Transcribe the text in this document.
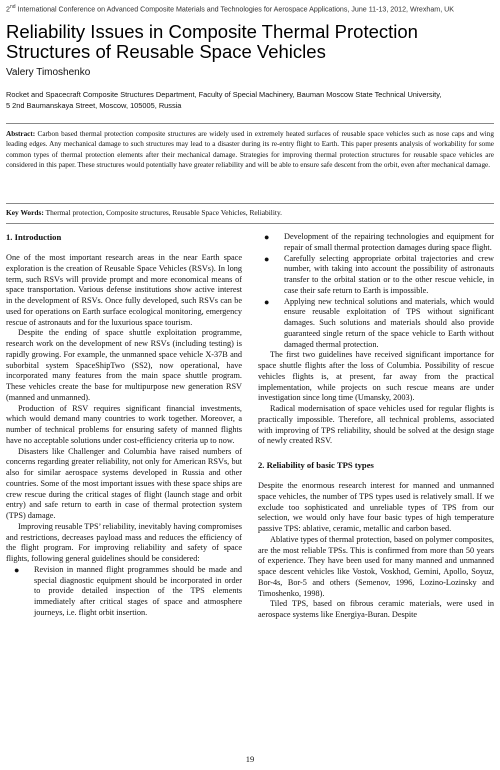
2nd International Conference on Advanced Composite Materials and Technologies for Aerospace Applications, June 11-13, 2012, Wrexham, UK
Reliability Issues in Composite Thermal Protection
Structures of Reusable Space Vehicles
Valery Timoshenko
Rocket and Spacecraft Composite Structures Department, Faculty of Special Machinery, Bauman Moscow State Technical University,
5 2nd Baumanskaya Street, Moscow, 105005, Russia
Abstract: Carbon based thermal protection composite structures are widely used in extremely heated surfaces of reusable space vehicles such as nose caps and wing leading edges. Any mechanical damage to such structures may lead to a disaster during its re-entry flight to Earth. This paper presents analysis of workability for some common types of thermal protection elements after their mechanical damage. Strategies for improving thermal protection structures for reusable space vehicles are considered in this paper. These structures would potentially have greater reliability and will be able to ensure safe descent from the orbit, even after mechanical damage.
Key Words: Thermal protection, Composite structures, Reusable Space Vehicles, Reliability.
1. Introduction

One of the most important research areas in the near Earth space exploration is the creation of Reusable Space Vehicles (RSVs). In long term, such RSVs will provide prompt and more economical means of space transportation. Various defense institutions show active interest in the development of RSVs. Once fully developed, such RSVs can be used for operations on Earth surface ecological monitoring, emergency rescue of astronauts and for the luxurious space tourism.

Despite the ending of space shuttle exploitation programme, research work on the development of new RSVs (including testing) is rapidly growing. For example, the unmanned space vehicle X-37B and suborbital system SpaceShipTwo (SS2), now operational, have incorporated many features from the main space shuttle program. These vehicles create the base for multipurpose new generation RSV (manned and unmanned).

Production of RSV requires significant financial investments, which would demand many countries to work together. Moreover, a number of technical problems for ensuring safety of manned flights have no acceptable solutions under cost-efficiency criteria up to now.

Disasters like Challenger and Columbia have raised numbers of concerns regarding greater reliability, not only for American RSVs, but also for similar aerospace systems developed in Russia and other countries. Some of the most important issues with these space ships are crew rescue during the critical stages of flight (launch stage and orbit entry) and safe return to earth in case of thermal protection system (TPS) damage.

Improving reusable TPS’ reliability, inevitably having compromises and restrictions, decreases payload mass and reduces the efficiency of the flight program. For improving reliability and safety of space flights, following general guidelines should be considered:

● Revision in manned flight programmes should be made and special diagnostic equipment should be incorporated in order to provide detailed inspection of the TPS elements immediately after critical stages of space and atmosphere journeys, i.e. flight orbit insertion.
● Development of the repairing technologies and equipment for repair of small thermal protection damages during space flight.
● Carefully selecting appropriate orbital trajectories and crew number, with taking into account the possibility of astronauts transfer to the orbital station or to the other rescue vehicle, in case their safe return to Earth is impossible.
● Applying new technical solutions and materials, which would ensure reusable exploitation of TPS without significant damages. Such solutions and materials should also provide guaranteed single return of the space vehicle to Earth without damaged thermal protection.

The first two guidelines have received significant importance for space shuttle flights after the loss of Columbia. Possibility of rescue vehicles flights is, at present, far away from the practical implementation, while projects on such rescue means are under investigation since long time (Umansky, 2003).

Radical modernisation of space vehicles used for regular flights is practically impossible. Therefore, all technical problems, associated with improving of TPS reliability, should be solved at the design stage of newly created RSV.

2. Reliability of basic TPS types

Despite the enormous research interest for manned and unmanned space vehicles, the number of TPS types used is relatively small. If we exclude too sophisticated and unreliable types of TPS from our selection, we would only have four basic types of high temperature passive TPS: ablative, ceramic, metallic and carbon based.

Ablative types of thermal protection, based on polymer composites, are the most reliable TPSs. This is confirmed from more than 50 years of experience. They have been used for many manned and unmanned space descent vehicles like Vostok, Voskhod, Gemini, Apollo, Soyuz, Bor-4s, Bor-5 and others (Semenov, 1996, Lozino-Lozinsky and Timoshenko, 1998).

Tiled TPS, based on fibrous ceramic materials, were used in aerospace systems like Energiya-Buran. Despite

19
